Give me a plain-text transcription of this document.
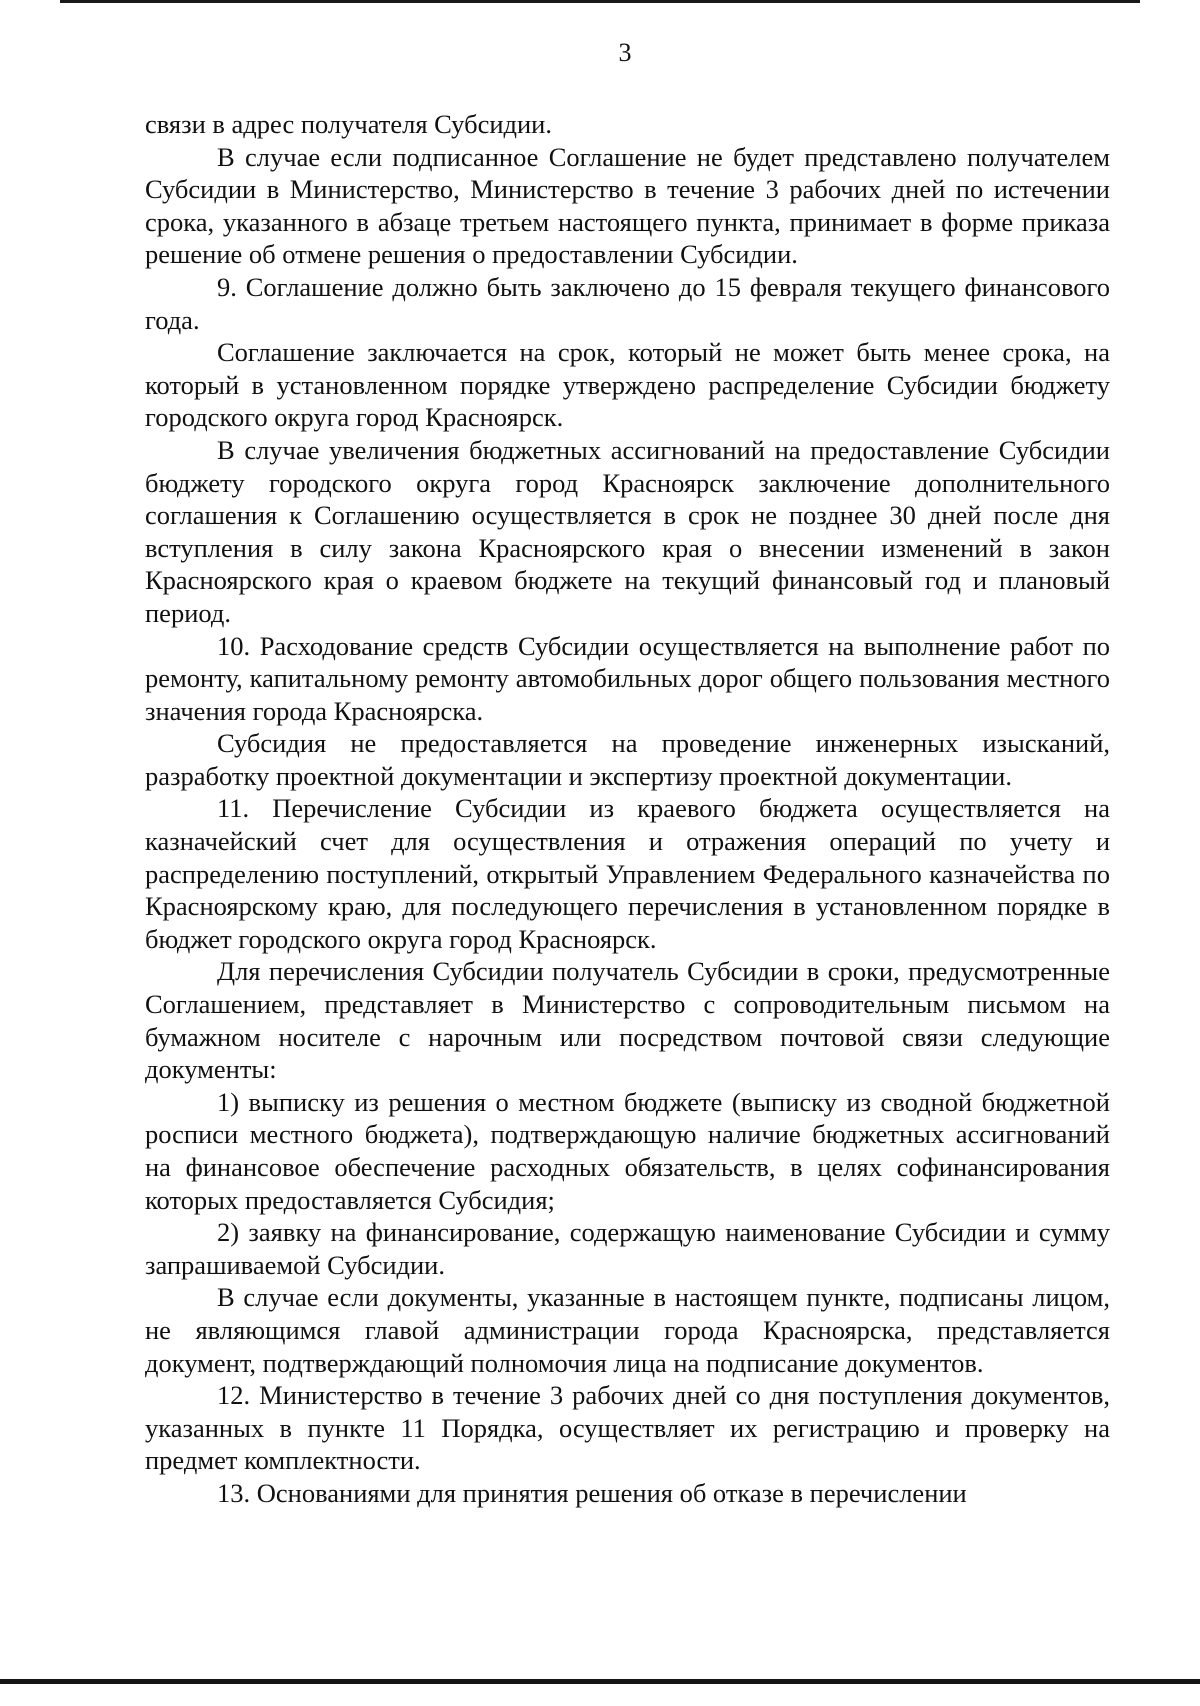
3

связи в адрес получателя Субсидии.

В случае если подписанное Соглашение не будет представлено получателем Субсидии в Министерство, Министерство в течение 3 рабочих дней по истечении срока, указанного в абзаце третьем настоящего пункта, принимает в форме приказа решение об отмене решения о предоставлении Субсидии.

9. Соглашение должно быть заключено до 15 февраля текущего финансового года.

Соглашение заключается на срок, который не может быть менее срока, на который в установленном порядке утверждено распределение Субсидии бюджету городского округа город Красноярск.

В случае увеличения бюджетных ассигнований на предоставление Субсидии бюджету городского округа город Красноярск заключение дополнительного соглашения к Соглашению осуществляется в срок не позднее 30 дней после дня вступления в силу закона Красноярского края о внесении изменений в закон Красноярского края о краевом бюджете на текущий финансовый год и плановый период.

10. Расходование средств Субсидии осуществляется на выполнение работ по ремонту, капитальному ремонту автомобильных дорог общего пользования местного значения города Красноярска.

Субсидия не предоставляется на проведение инженерных изысканий, разработку проектной документации и экспертизу проектной документации.

11. Перечисление Субсидии из краевого бюджета осуществляется на казначейский счет для осуществления и отражения операций по учету и распределению поступлений, открытый Управлением Федерального казначейства по Красноярскому краю, для последующего перечисления в установленном порядке в бюджет городского округа город Красноярск.

Для перечисления Субсидии получатель Субсидии в сроки, предусмотренные Соглашением, представляет в Министерство с сопроводительным письмом на бумажном носителе с нарочным или посредством почтовой связи следующие документы:

1) выписку из решения о местном бюджете (выписку из сводной бюджетной росписи местного бюджета), подтверждающую наличие бюджетных ассигнований на финансовое обеспечение расходных обязательств, в целях софинансирования которых предоставляется Субсидия;

2) заявку на финансирование, содержащую наименование Субсидии и сумму запрашиваемой Субсидии.

В случае если документы, указанные в настоящем пункте, подписаны лицом, не являющимся главой администрации города Красноярска, представляется документ, подтверждающий полномочия лица на подписание документов.

12. Министерство в течение 3 рабочих дней со дня поступления документов, указанных в пункте 11 Порядка, осуществляет их регистрацию и проверку на предмет комплектности.

13. Основаниями для принятия решения об отказе в перечислении
